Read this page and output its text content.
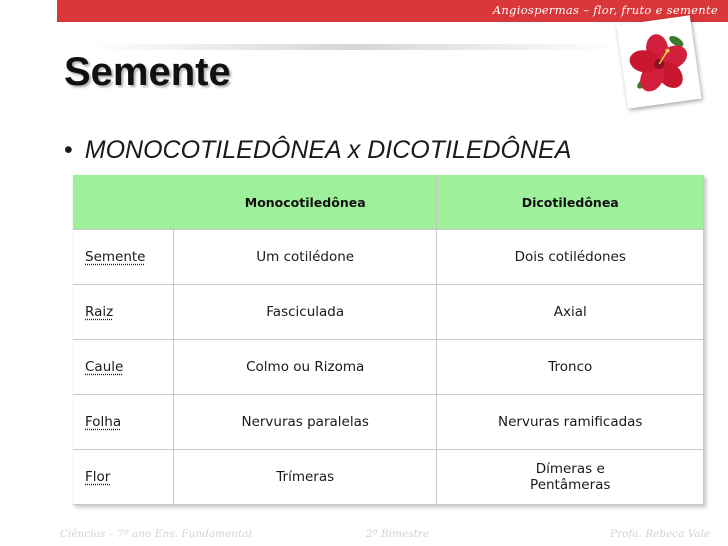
Angiospermas – flor, fruto e semente
Semente
• MONOCOTILEDÔNEA x DICOTILEDÔNEA
	Monocotiledônea	Dicotiledônea
Semente	Um cotilédone	Dois cotilédones
Raiz	Fasciculada	Axial
Caule	Colmo ou Rizoma	Tronco
Folha	Nervuras paralelas	Nervuras ramificadas
Flor	Trímeras	Dímeras e
Pentâmeras
Ciências – 7º ano Ens. Fundamental	2º Bimestre	Profa. Rebeca Vale
